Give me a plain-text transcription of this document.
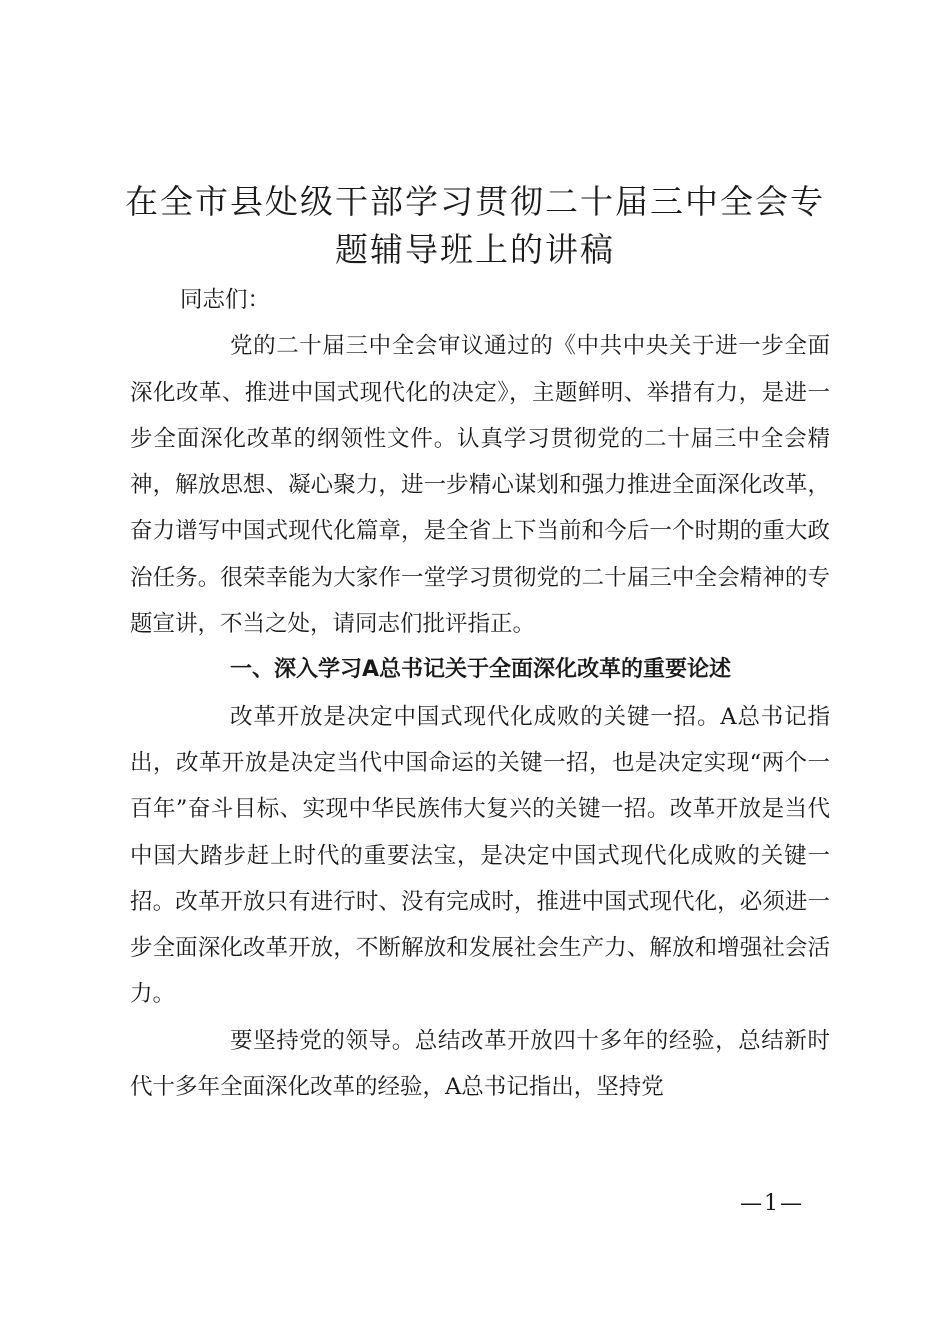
在全市县处级干部学习贯彻二十届三中全会专
题辅导班上的讲稿

同志们：

党的二十届三中全会审议通过的《中共中央关于进一步全面深化改革、推进中国式现代化的决定》，主题鲜明、举措有力，是进一步全面深化改革的纲领性文件。认真学习贯彻党的二十届三中全会精神，解放思想、凝心聚力，进一步精心谋划和强力推进全面深化改革，奋力谱写中国式现代化篇章，是全省上下当前和今后一个时期的重大政治任务。很荣幸能为大家作一堂学习贯彻党的二十届三中全会精神的专题宣讲，不当之处，请同志们批评指正。

一、深入学习A总书记关于全面深化改革的重要论述

改革开放是决定中国式现代化成败的关键一招。A总书记指出，改革开放是决定当代中国命运的关键一招，也是决定实现“两个一百年”奋斗目标、实现中华民族伟大复兴的关键一招。改革开放是当代中国大踏步赶上时代的重要法宝，是决定中国式现代化成败的关键一招。改革开放只有进行时、没有完成时，推进中国式现代化，必须进一步全面深化改革开放，不断解放和发展社会生产力、解放和增强社会活力。

要坚持党的领导。总结改革开放四十多年的经验，总结新时代十多年全面深化改革的经验，A总书记指出，坚持党

—1—
